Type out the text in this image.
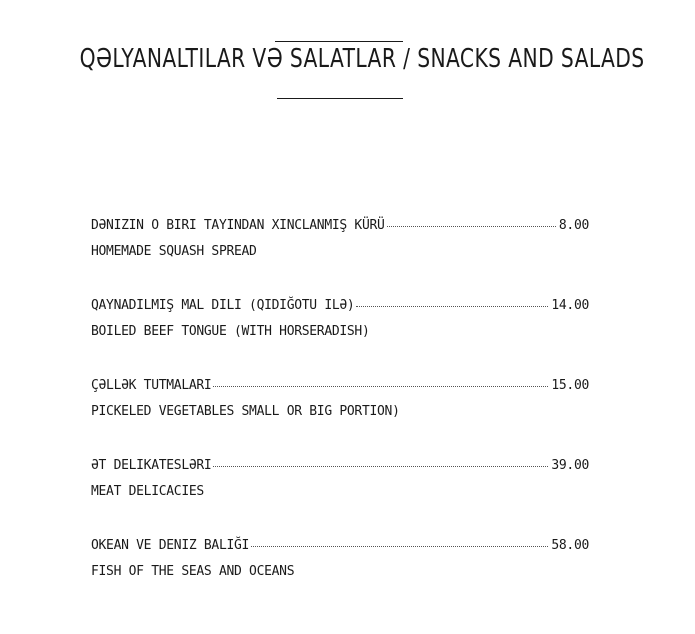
QƏLYANALTILAR VƏ SALATLAR / SNACKS AND SALADS
DƏNIZIN O BIRI TAYINDAN XINCLANMIŞ KÜRÜ	8.00
HOMEMADE SQUASH SPREAD
QAYNADILMIŞ MAL DILI (QIDIĞOTU ILƏ)	14.00
BOILED BEEF TONGUE (WITH HORSERADISH)
ÇƏLLƏK TUTMALARI	15.00
PICKELED VEGETABLES SMALL OR BIG PORTION)
ƏT DELIKATESLƏRI	39.00
MEAT DELICACIES
OKEAN VE DENIZ BALIĞI	58.00
FISH OF THE SEAS AND OCEANS
